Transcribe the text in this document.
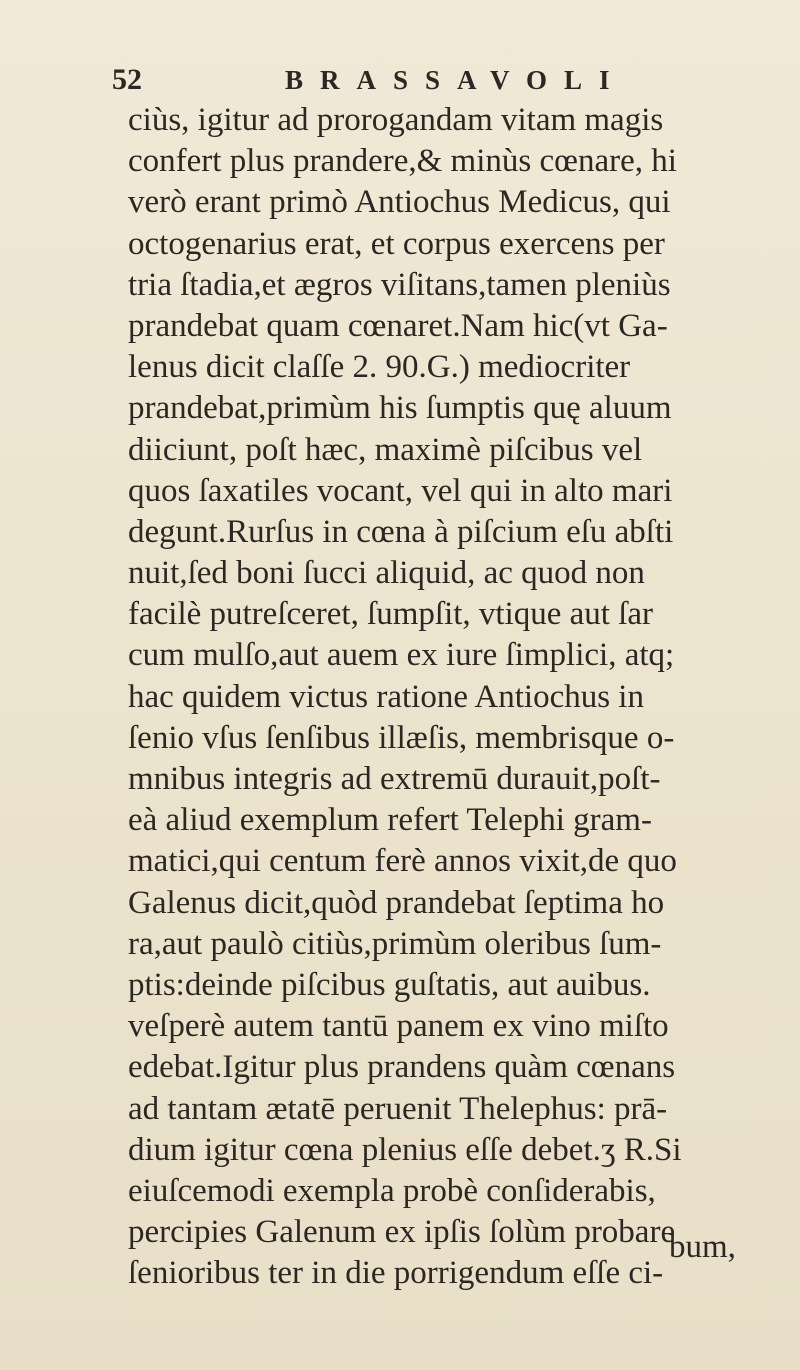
52	BRASSAVOLI
ciùs, igitur ad prorogandam vitam magis
confert plus prandere,& minùs cœnare, hi
verò erant primò Antiochus Medicus, qui
octogenarius erat, et corpus exercens per
tria ſtadia,et ægros viſitans,tamen pleniùs
prandebat quam cœnaret.Nam hic(vt Ga-
lenus dicit claſſe 2. 90.G.) mediocriter
prandebat,primùm his ſumptis quę aluum
diiciunt, poſt hæc, maximè piſcibus vel
quos ſaxatiles vocant, vel qui in alto mari
degunt.Rurſus in cœna à piſcium eſu abſti
nuit,ſed boni ſucci aliquid, ac quod non
facilè putreſceret, ſumpſit, vtique aut ſar
cum mulſo,aut auem ex iure ſimplici, atq;
hac quidem victus ratione Antiochus in
ſenio vſus ſenſibus illæſis, membrisque o-
mnibus integris ad extremū durauit,poſt-
eà aliud exemplum refert Telephi gram-
matici,qui centum ferè annos vixit,de quo
Galenus dicit,quòd prandebat ſeptima ho
ra,aut paulò citiùs,primùm oleribus ſum-
ptis:deinde piſcibus guſtatis, aut auibus.
veſperè autem tantū panem ex vino miſto
edebat.Igitur plus prandens quàm cœnans
ad tantam ætatē peruenit Thelephus: prā-
dium igitur cœna plenius eſſe debet.ʒ R.Si
eiuſcemodi exempla probè conſiderabis,
percipies Galenum ex ipſis ſolùm probare
ſenioribus ter in die porrigendum eſſe ci-
bum,
